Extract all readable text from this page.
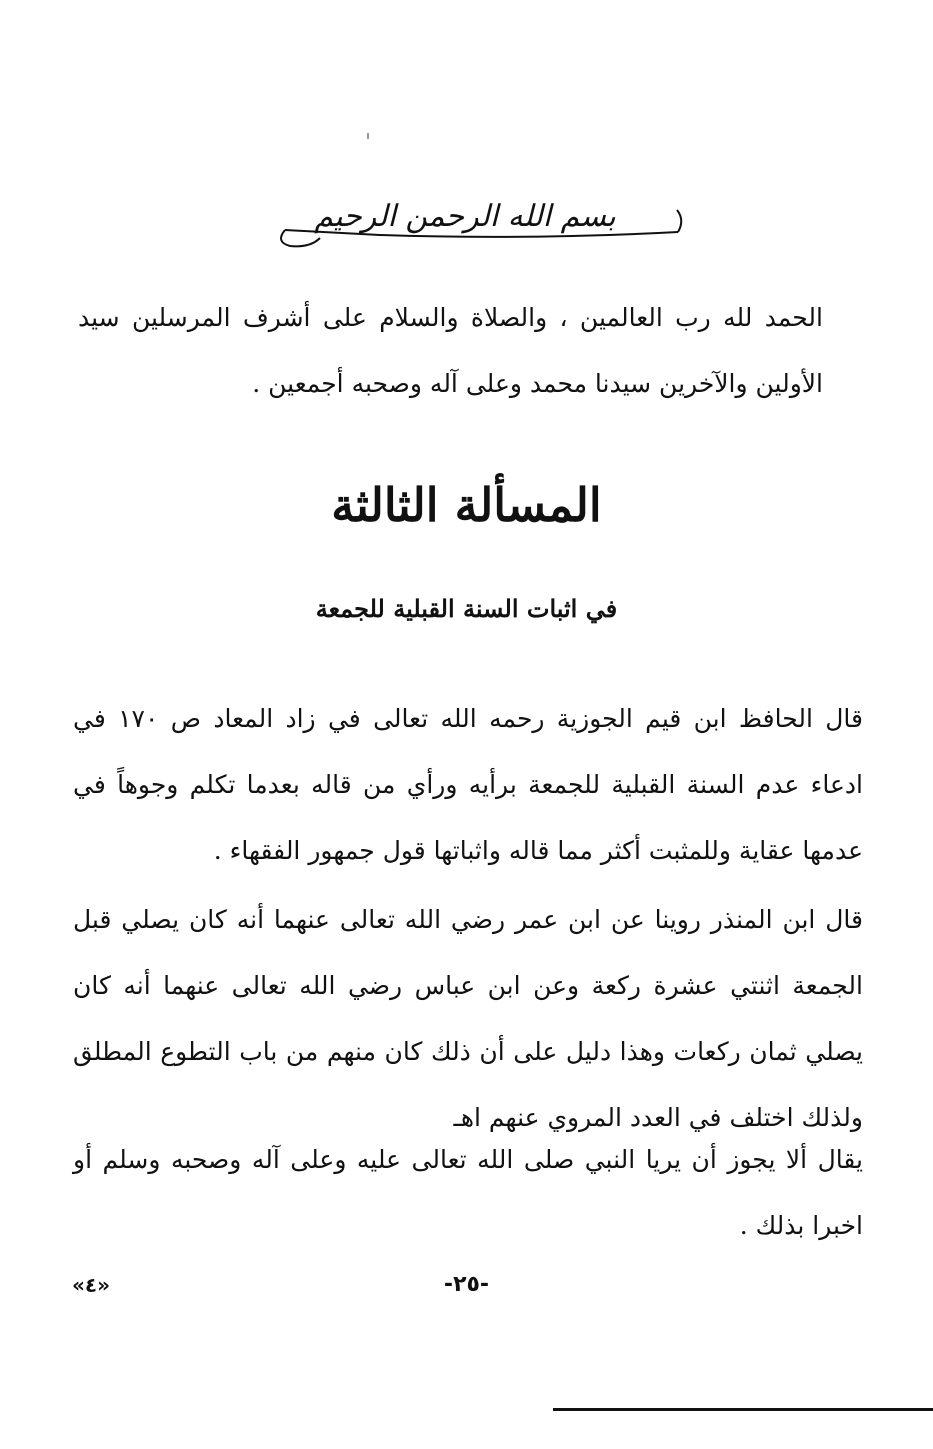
بسم الله الرحمن الرحيم
الحمد لله رب العالمين ، والصلاة والسلام على أشرف المرسلين سيد الأولين والآخرين سيدنا محمد وعلى آله وصحبه أجمعين .
المسألة الثالثة
في اثبات السنة القبلية للجمعة
قال الحافظ ابن قيم الجوزية رحمه الله تعالى في زاد المعاد ص ١٧٠ في ادعاء عدم السنة القبلية للجمعة برأيه ورأي من قاله بعدما تكلم وجوهاً في عدمها عقاية وللمثبت أكثر مما قاله واثباتها قول جمهور الفقهاء .
قال ابن المنذر روينا عن ابن عمر رضي الله تعالى عنهما أنه كان يصلي قبل الجمعة اثنتي عشرة ركعة وعن ابن عباس رضي الله تعالى عنهما أنه كان يصلي ثمان ركعات وهذا دليل على أن ذلك كان منهم من باب التطوع المطلق ولذلك اختلف في العدد المروي عنهم اهـ
يقال ألا يجوز أن يريا النبي صلى الله تعالى عليه وعلى آله وصحبه وسلم أو اخبرا بذلك .
«٤»	-٢٥-
